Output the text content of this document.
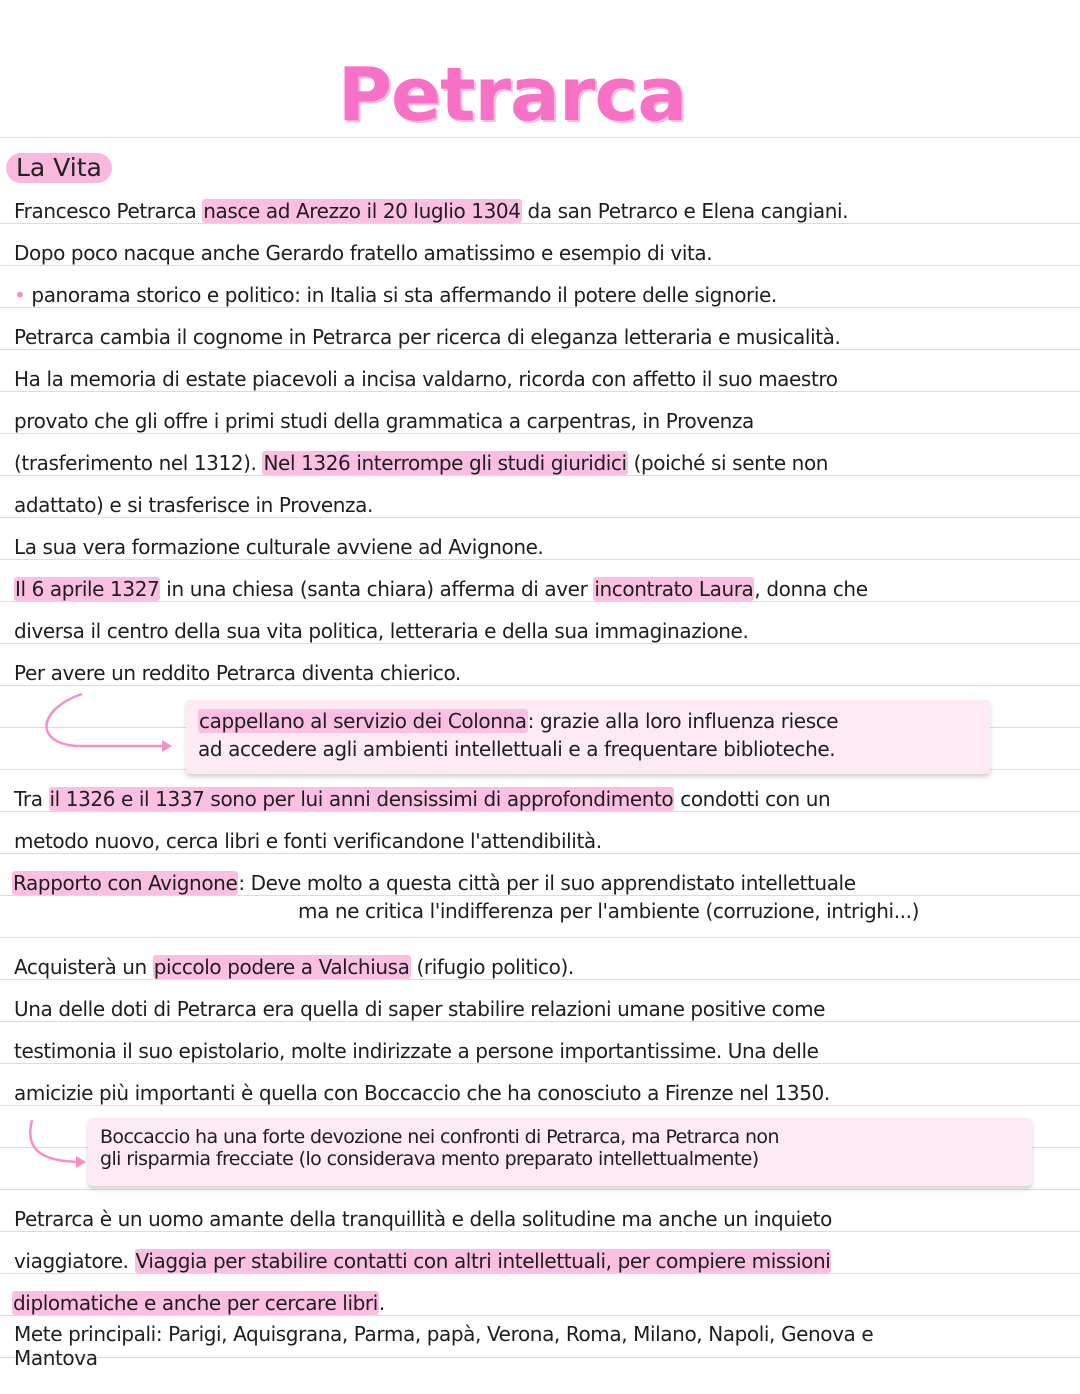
Petrarca
La Vita
Francesco Petrarca nasce ad Arezzo il 20 luglio 1304 da san Petrarco e Elena cangiani.
Dopo poco nacque anche Gerardo fratello amatissimo e esempio di vita.
• panorama storico e politico: in Italia si sta affermando il potere delle signorie.
Petrarca cambia il cognome in Petrarca per ricerca di eleganza letteraria e musicalità.
Ha la memoria di estate piacevoli a incisa valdarno, ricorda con affetto il suo maestro
provato che gli offre i primi studi della grammatica a carpentras, in Provenza
(trasferimento nel 1312). Nel 1326 interrompe gli studi giuridici (poiché si sente non
adattato) e si trasferisce in Provenza.
La sua vera formazione culturale avviene ad Avignone.
Il 6 aprile 1327 in una chiesa (santa chiara) afferma di aver incontrato Laura, donna che
diversa il centro della sua vita politica, letteraria e della sua immaginazione.
Per avere un reddito Petrarca diventa chierico.
cappellano al servizio dei Colonna: grazie alla loro influenza riesce
ad accedere agli ambienti intellettuali e a frequentare biblioteche.
Tra il 1326 e il 1337 sono per lui anni densissimi di approfondimento condotti con un
metodo nuovo, cerca libri e fonti verificandone l'attendibilità.
Rapporto con Avignone: Deve molto a questa città per il suo apprendistato intellettuale
ma ne critica l'indifferenza per l'ambiente (corruzione, intrighi...)
Acquisterà un piccolo podere a Valchiusa (rifugio politico).
Una delle doti di Petrarca era quella di saper stabilire relazioni umane positive come
testimonia il suo epistolario, molte indirizzate a persone importantissime. Una delle
amicizie più importanti è quella con Boccaccio che ha conosciuto a Firenze nel 1350.
Boccaccio ha una forte devozione nei confronti di Petrarca, ma Petrarca non
gli risparmia frecciate (lo considerava mento preparato intellettualmente)
Petrarca è un uomo amante della tranquillità e della solitudine ma anche un inquieto
viaggiatore. Viaggia per stabilire contatti con altri intellettuali, per compiere missioni
diplomatiche e anche per cercare libri.
Mete principali: Parigi, Aquisgrana, Parma, papà, Verona, Roma, Milano, Napoli, Genova e
Mantova
